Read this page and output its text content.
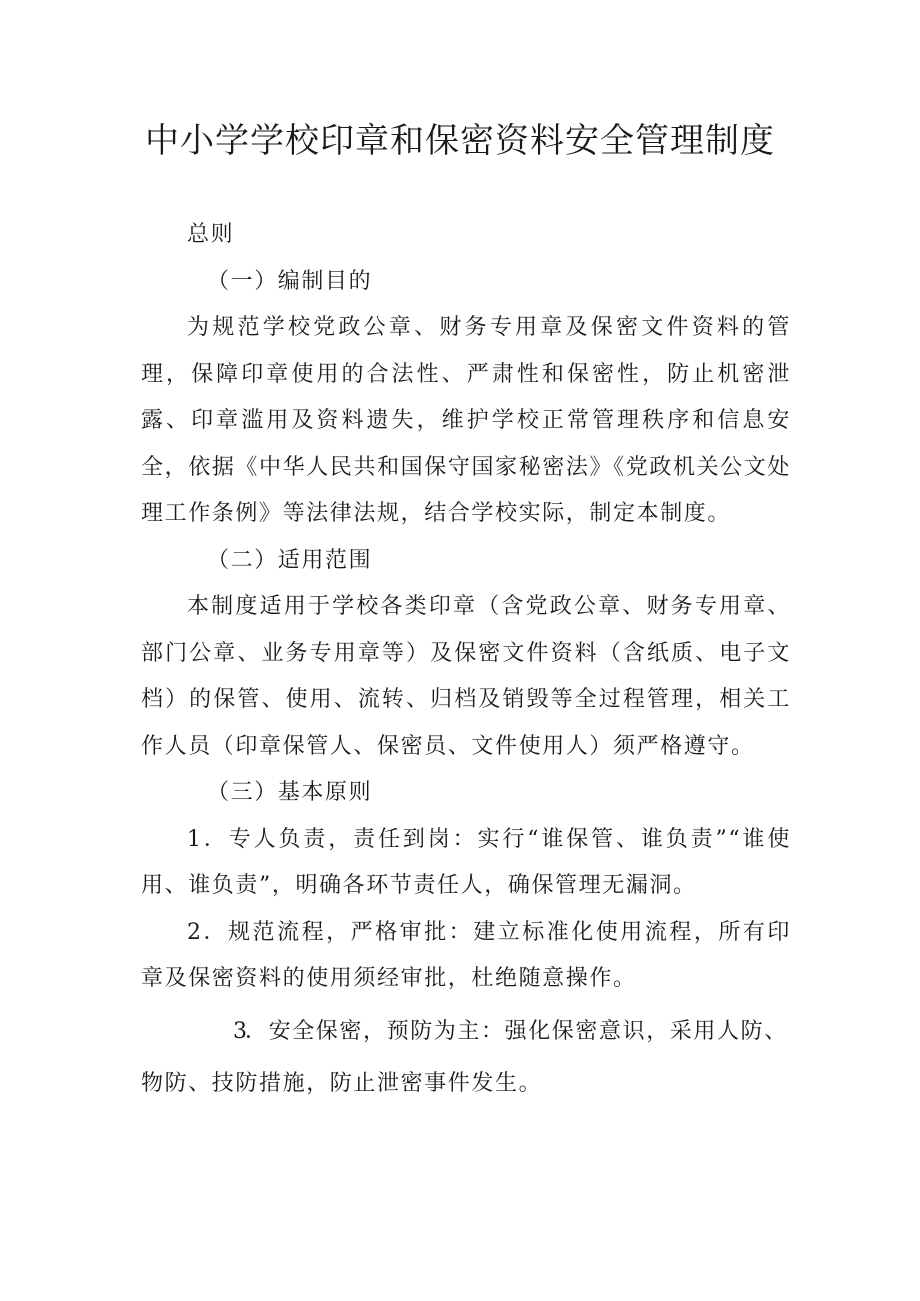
中小学学校印章和保密资料安全管理制度

总则

（一）编制目的

为规范学校党政公章、财务专用章及保密文件资料的管理，保障印章使用的合法性、严肃性和保密性，防止机密泄露、印章滥用及资料遗失，维护学校正常管理秩序和信息安全，依据《中华人民共和国保守国家秘密法》《党政机关公文处理工作条例》等法律法规，结合学校实际，制定本制度。

（二）适用范围

本制度适用于学校各类印章（含党政公章、财务专用章、部门公章、业务专用章等）及保密文件资料（含纸质、电子文档）的保管、使用、流转、归档及销毁等全过程管理，相关工作人员（印章保管人、保密员、文件使用人）须严格遵守。

（三）基本原则

1．专人负责，责任到岗：实行“谁保管、谁负责”“谁使用、谁负责”，明确各环节责任人，确保管理无漏洞。

2．规范流程，严格审批：建立标准化使用流程，所有印章及保密资料的使用须经审批，杜绝随意操作。

3．安全保密，预防为主：强化保密意识，采用人防、

物防、技防措施，防止泄密事件发生。
